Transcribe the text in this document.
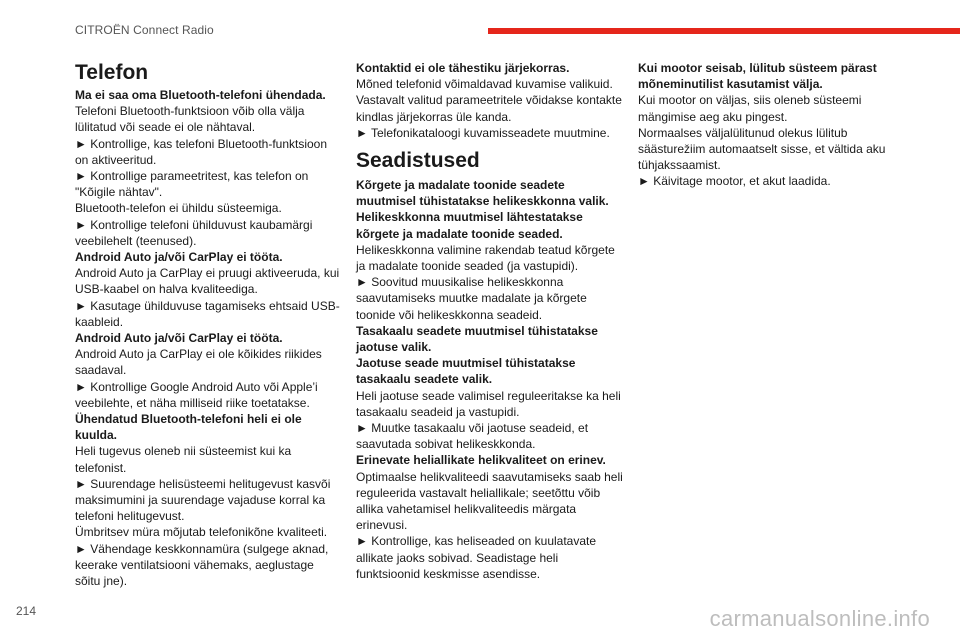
CITROËN Connect Radio
Telefon

Ma ei saa oma Bluetooth-telefoni ühendada.

Telefoni Bluetooth-funktsioon võib olla välja lülitatud või seade ei ole nähtaval.

► Kontrollige, kas telefoni Bluetooth-funktsioon on aktiveeritud.

► Kontrollige parameetritest, kas telefon on "Kõigile nähtav".

Bluetooth-telefon ei ühildu süsteemiga.

► Kontrollige telefoni ühilduvust kaubamärgi veebilehelt (teenused).

Android Auto ja/või CarPlay ei tööta.

Android Auto ja CarPlay ei pruugi aktiveeruda, kui USB-kaabel on halva kvaliteediga.

► Kasutage ühilduvuse tagamiseks ehtsaid USB-kaableid.

Android Auto ja/või CarPlay ei tööta.

Android Auto ja CarPlay ei ole kõikides riikides saadaval.

► Kontrollige Google Android Auto või Apple’i veebilehte, et näha milliseid riike toetatakse.

Ühendatud Bluetooth-telefoni heli ei ole kuulda.

Heli tugevus oleneb nii süsteemist kui ka telefonist.

► Suurendage helisüsteemi helitugevust kasvõi maksimumini ja suurendage vajaduse korral ka telefoni helitugevust.

Ümbritsev müra mõjutab telefonikõne kvaliteeti.

► Vähendage keskkonnamüra (sulgege aknad, keerake ventilatsiooni vähemaks, aeglustage sõitu jne).

Kontaktid ei ole tähestiku järjekorras.

Mõned telefonid võimaldavad kuvamise valikuid. Vastavalt valitud parameetritele võidakse kontakte kindlas järjekorras üle kanda.

► Telefonikataloogi kuvamisseadete muutmine.

Seadistused

Kõrgete ja madalate toonide seadete muutmisel tühistatakse helikeskkonna valik.

Helikeskkonna muutmisel lähtestatakse kõrgete ja madalate toonide seaded.

Helikeskkonna valimine rakendab teatud kõrgete ja madalate toonide seaded (ja vastupidi).

► Soovitud muusikalise helikeskkonna saavutamiseks muutke madalate ja kõrgete toonide või helikeskkonna seadeid.

Tasakaalu seadete muutmisel tühistatakse jaotuse valik.

Jaotuse seade muutmisel tühistatakse tasakaalu seadete valik.

Heli jaotuse seade valimisel reguleeritakse ka heli tasakaalu seadeid ja vastupidi.

► Muutke tasakaalu või jaotuse seadeid, et saavutada sobivat helikeskkonda.

Erinevate heliallikate helikvaliteet on erinev.

Optimaalse helikvaliteedi saavutamiseks saab heli reguleerida vastavalt heliallikale; seetõttu võib allika vahetamisel helikvaliteedis märgata erinevusi.

► Kontrollige, kas heliseaded on kuulatavate allikate jaoks sobivad. Seadistage heli funktsioonid keskmisse asendisse.

Kui mootor seisab, lülitub süsteem pärast mõneminutilist kasutamist välja.

Kui mootor on väljas, siis oleneb süsteemi mängimise aeg aku pingest.

Normaalses väljalülitunud olekus lülitub säästurežiim automaatselt sisse, et vältida aku tühjakssaamist.

► Käivitage mootor, et akut laadida.

214	carmanualsonline.info
